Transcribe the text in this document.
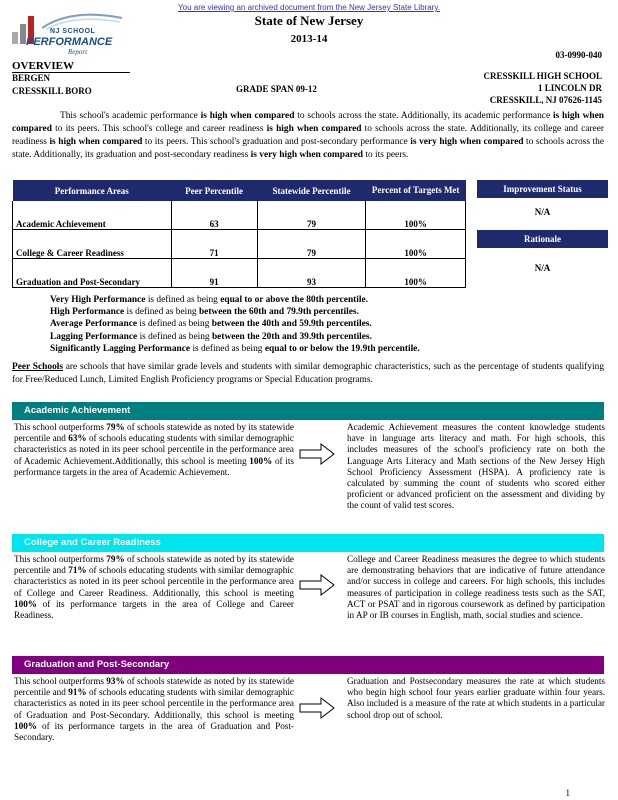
You are viewing an archived document from the New Jersey State Library.
NJ SCHOOL
PERFORMANCE
Report
State of New Jersey
2013-14
03-0990-040
OVERVIEW
BERGEN
CRESSKILL BORO	GRADE SPAN 09-12
CRESSKILL HIGH SCHOOL
1 LINCOLN DR
CRESSKILL, NJ 07626-1145

This school's academic performance is high when compared to schools across the state. Additionally, its academic performance is high when compared to its peers. This school's college and career readiness is high when compared to schools across the state. Additionally, its college and career readiness is high when compared to its peers. This school's graduation and post-secondary performance is very high when compared to schools across the state. Additionally, its graduation and post-secondary readiness is very high when compared to its peers.

Performance Areas	Peer Percentile	Statewide Percentile	Percent of Targets Met
Academic Achievement	63	79	100%
College & Career Readiness	71	79	100%
Graduation and Post-Secondary	91	93	100%
Improvement Status
N/A
Rationale
N/A
Very High Performance is defined as being equal to or above the 80th percentile.
High Performance is defined as being between the 60th and 79.9th percentiles.
Average Performance is defined as being between the 40th and 59.9th percentiles.
Lagging Performance is defined as being between the 20th and 39.9th percentiles.
Significantly Lagging Performance is defined as being equal to or below the 19.9th percentile.
Peer Schools are schools that have similar grade levels and students with similar demographic characteristics, such as the percentage of students qualifying for Free/Reduced Lunch, Limited English Proficiency programs or Special Education programs.
Academic Achievement
This school outperforms 79% of schools statewide as noted by its statewide percentile and 63% of schools educating students with similar demographic characteristics as noted in its peer school percentile in the performance area of Academic Achievement.Additionally, this school is meeting 100% of its performance targets in the area of Academic Achievement.
Academic Achievement measures the content knowledge students have in language arts literacy and math. For high schools, this includes measures of the school's proficiency rate on both the Language Arts Literacy and Math sections of the New Jersey High School Proficiency Assessment (HSPA). A proficiency rate is calculated by summing the count of students who scored either proficient or advanced proficient on the assessment and dividing by the count of valid test scores.
College and Career Readiness
This school outperforms 79% of schools statewide as noted by its statewide percentile and 71% of schools educating students with similar demographic characteristics as noted in its peer school percentile in the performance area of College and Career Readiness. Additionally, this school is meeting 100% of its performance targets in the area of College and Career Readiness.
College and Career Readiness measures the degree to which students are demonstrating behaviors that are indicative of future attendance and/or success in college and careers. For high schools, this includes measures of participation in college readiness tests such as the SAT, ACT or PSAT and in rigorous coursework as defined by participation in AP or IB courses in English, math, social studies and science.
Graduation and Post-Secondary
This school outperforms 93% of schools statewide as noted by its statewide percentile and 91% of schools educating students with similar demographic characteristics as noted in its peer school percentile in the performance area of Graduation and Post-Secondary. Additionally, this school is meeting 100% of its performance targets in the area of Graduation and Post-Secondary.
Graduation and Postsecondary measures the rate at which students who begin high school four years earlier graduate within four years. Also included is a measure of the rate at which students in a particular school drop out of school.
1
